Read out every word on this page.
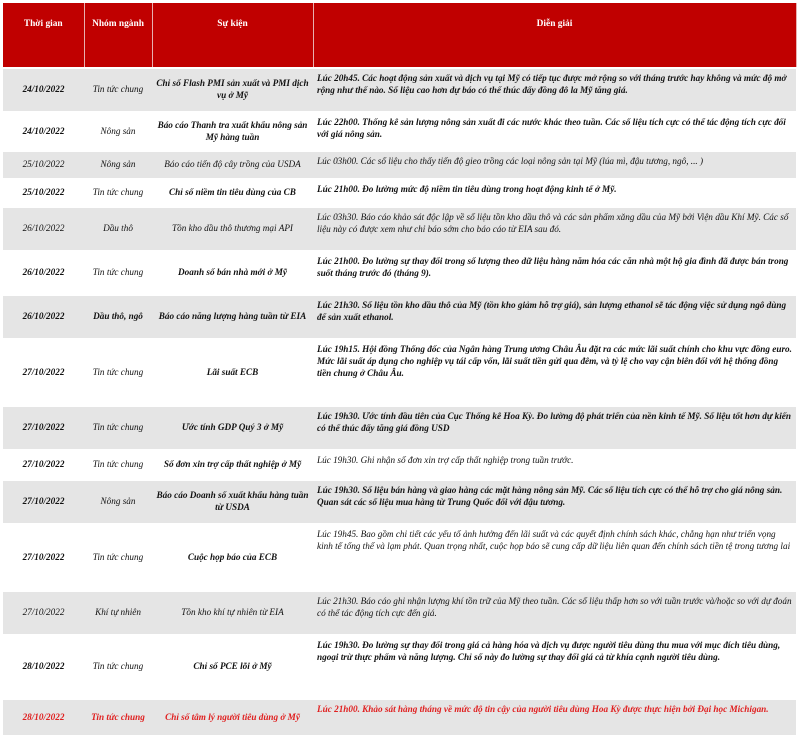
Thời gian	Nhóm ngành	Sự kiện	Diễn giải
24/10/2022	Tin tức chung	Chỉ số Flash PMI sản xuất và PMI dịch vụ ở Mỹ	Lúc 20h45. Các hoạt động sản xuất và dịch vụ tại Mỹ có tiếp tục được mở rộng so với tháng trước hay không và mức độ mở rộng như thế nào. Số liệu cao hơn dự báo có thể thúc đẩy đồng đô la Mỹ tăng giá.
24/10/2022	Nông sản	Báo cáo Thanh tra xuất khẩu nông sản Mỹ hàng tuần	Lúc 22h00. Thống kê sản lượng nông sản xuất đi các nước khác theo tuần. Các số liệu tích cực có thể tác động tích cực đối với giá nông sản.
25/10/2022	Nông sản	Báo cáo tiến độ cây trồng của USDA	Lúc 03h00. Các số liệu cho thấy tiến độ gieo trồng các loại nông sản tại Mỹ (lúa mì, đậu tương, ngô, ... )
25/10/2022	Tin tức chung	Chỉ số niềm tin tiêu dùng của CB	Lúc 21h00. Đo lường mức độ niềm tin tiêu dùng trong hoạt động kinh tế ở Mỹ.
26/10/2022	Dầu thô	Tồn kho dầu thô thương mại API	Lúc 03h30. Báo cáo khảo sát độc lập về số liệu tồn kho dầu thô và các sản phẩm xăng dầu của Mỹ bởi Viện dầu Khí Mỹ. Các số liệu này có được xem như chỉ báo sớm cho báo cáo từ EIA sau đó.
26/10/2022	Tin tức chung	Doanh số bán nhà mới ở Mỹ	Lúc 21h00. Đo lường sự thay đổi trong số lượng theo dữ liệu hàng năm hóa các căn nhà một hộ gia đình đã được bán trong suốt tháng trước đó (tháng 9).
26/10/2022	Dầu thô, ngô	Báo cáo năng lượng hàng tuần từ EIA	Lúc 21h30. Số liệu tồn kho dầu thô của Mỹ (tồn kho giảm hỗ trợ giá), sản lượng ethanol sẽ tác động việc sử dụng ngô dùng để sản xuất ethanol.
27/10/2022	Tin tức chung	Lãi suất ECB	Lúc 19h15. Hội đồng Thống đốc của Ngân hàng Trung ương Châu Âu đặt ra các mức lãi suất chính cho khu vực đồng euro. Mức lãi suất áp dụng cho nghiệp vụ tái cấp vốn, lãi suất tiền gửi qua đêm, và tỷ lệ cho vay cận biên đối với hệ thống đồng tiền chung ở Châu Âu.
27/10/2022	Tin tức chung	Ước tính GDP Quý 3 ở Mỹ	Lúc 19h30. Ước tính đầu tiên của Cục Thống kê Hoa Kỳ. Đo lường độ phát triển của nền kinh tế Mỹ. Số liệu tốt hơn dự kiến có thể thúc đẩy tăng giá đồng USD
27/10/2022	Tin tức chung	Số đơn xin trợ cấp thất nghiệp ở Mỹ	Lúc 19h30. Ghi nhận số đơn xin trợ cấp thất nghiệp trong tuần trước.
27/10/2022	Nông sản	Báo cáo Doanh số xuất khẩu hàng tuần từ USDA	Lúc 19h30. Số liệu bán hàng và giao hàng các mặt hàng nông sản Mỹ. Các số liệu tích cực có thể hỗ trợ cho giá nông sản. Quan sát các số liệu mua hàng từ Trung Quốc đối với đậu tương.
27/10/2022	Tin tức chung	Cuộc họp báo của ECB	Lúc 19h45. Bao gồm chi tiết các yếu tố ảnh hưởng đến lãi suất và các quyết định chính sách khác, chẳng hạn như triển vọng kinh tế tổng thể và lạm phát. Quan trọng nhất, cuộc họp báo sẽ cung cấp dữ liệu liên quan đến chính sách tiền tệ trong tương lai
27/10/2022	Khí tự nhiên	Tồn kho khí tự nhiên từ EIA	Lúc 21h30. Báo cáo ghi nhận lượng khí tồn trữ của Mỹ theo tuần. Các số liệu thấp hơn so với tuần trước và/hoặc so với dự đoán có thể tác động tích cực đến giá.
28/10/2022	Tin tức chung	Chỉ số PCE lõi ở Mỹ	Lúc 19h30. Đo lường sự thay đổi trong giá cả hàng hóa và dịch vụ được người tiêu dùng thu mua với mục đích tiêu dùng, ngoại trừ thực phẩm và năng lượng. Chỉ số này đo lường sự thay đổi giá cả từ khía cạnh người tiêu dùng.
28/10/2022	Tin tức chung	Chỉ số tâm lý người tiêu dùng ở Mỹ	Lúc 21h00. Khảo sát hàng tháng về mức độ tin cậy của người tiêu dùng Hoa Kỳ được thực hiện bởi Đại học Michigan.
